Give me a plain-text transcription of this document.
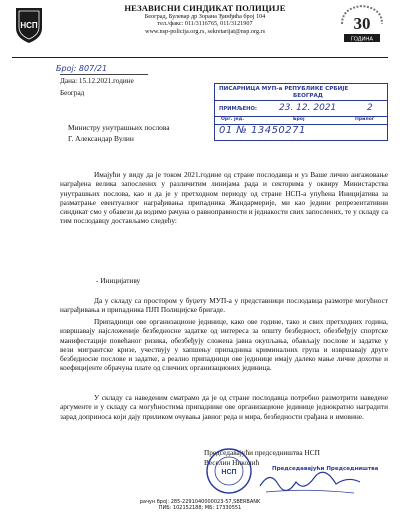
НСП
НЕЗАВИСНИ СИНДИКАТ ПОЛИЦИЈЕ
Београд, Булевар др Зорана Ђинђића број 104
тел./факс: 011/3116765, 011/3121907
www.nsp-policija.org.rs, sekretarijat@nsp.org.rs	30
ГОДИНА
Број: 807/21
Дана: 15.12.2021.године
Београд	ПИСАРНИЦА МУП-а РЕПУБЛИКЕ СРБИЈЕ
БЕОГРАД
ПРИМЉЕНО: 23. 12. 2021	2
Орг. јед.	Број	Прилог
01 № 13450271
Министру унутрашњих послова
Г. Александар Вулин

Имајући у виду да је током 2021.године од стране послодавца и уз Ваше лично ангажовање награђена велика запослених у различитим линијама рада и секторима у оквиру Министарства унутрашњих послова, као и да је у претходном периоду од стране НСП-а упућена Иницијатива за разматрање евентуалног награђивања припадника Жандармерије, ми као једини репрезентативни синдикат смо у обавези да водимо рачуна о равноправности и једнакости свих запослених, те у складу са тим послодавцу достављамо следећу:

- Иницијативу

Да у складу са простором у буџету МУП-а у представници послодавца размотре могућност награђивања и припадника ПЈП Полицијске бригаде.

Припадници ове организационе јединице, како ове године, тако и свих претходних година, извршавају најсложеније безбедносне задатке од интереса за општу безбедност, обезбеђују спортске манифестације повећаног ризика, обезбеђују сложена јавна окупљања, обављају послове и задатке у вези мигрантске кризе, учествују у хапшењу припадника криминалних група и извршавају друге безбедносне послове и задатке, а реално припадници ове јединице имају далеко мање личне дохотке и коефицијенте обрачуна плате од сличних организационих јединица.

У складу са наведеним сматрамо да је од стране послодавца потребно размотрити наведене аргументе и у складу са могућностима припаднике ове организационе јединице једнократно наградити зарад доприноса који дају приликом очувања јавног реда и мира, безбедности грађана и имовине.

Председавајући председништва НСП
Веселин Николић
НСП	Председавајући Председништва
рачун број: 285-2291040000023-57,SBERBANK
ПИБ: 102152188; МБ: 17330551
